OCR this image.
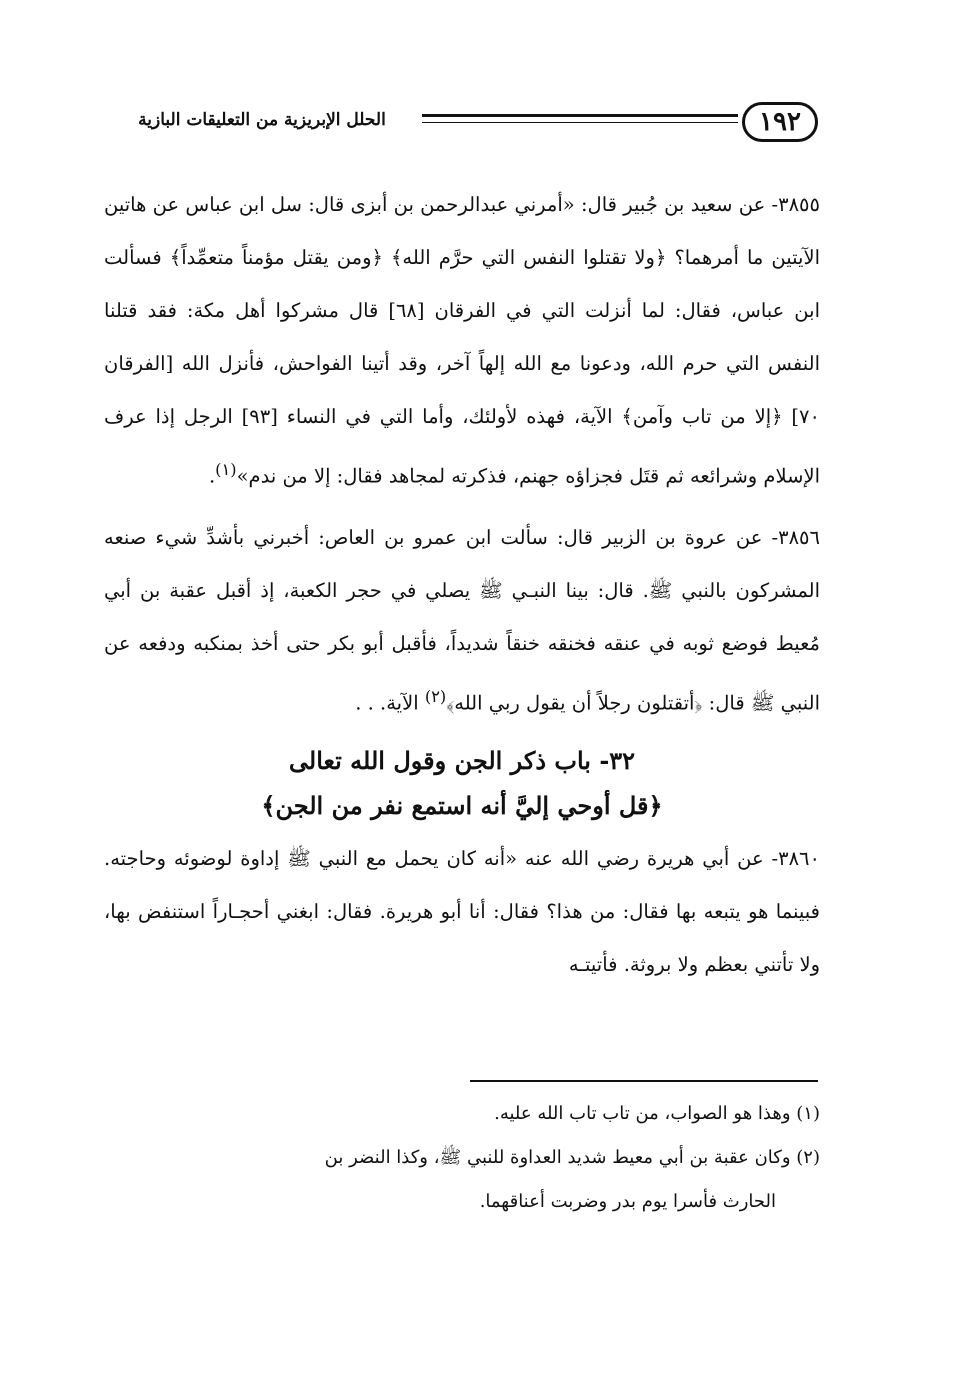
١٩٢
الحلل الإبريزية من التعليقات البازية

٣٨٥٥- عن سعيد بن جُبير قال: «أمرني عبدالرحمن بن أبزى قال: سل ابن عباس عن هاتين الآيتين ما أمرهما؟ ﴿ولا تقتلوا النفس التي حرَّم الله﴾ ﴿ومن يقتل مؤمناً متعمِّداً﴾ فسألت ابن عباس، فقال: لما أنزلت التي في الفرقان [٦٨] قال مشركوا أهل مكة: فقد قتلنا النفس التي حرم الله، ودعونا مع الله إلهاً آخر، وقد أتينا الفواحش، فأنزل الله [الفرقان ٧٠] ﴿إلا من تاب وآمن﴾ الآية، فهذه لأولئك، وأما التي في النساء [٩٣] الرجل إذا عرف الإسلام وشرائعه ثم قتَل فجزاؤه جهنم، فذكرته لمجاهد فقال: إلا من ندم»$^{(١)}$.

٣٨٥٦- عن عروة بن الزبير قال: سألت ابن عمرو بن العاص: أخبرني بأشدِّ شيء صنعه المشركون بالنبي ﷺ. قال: بينا النبـي ﷺ يصلي في حجر الكعبة، إذ أقبل عقبة بن أبي مُعيط فوضع ثوبه في عنقه فخنقه خنقاً شديداً، فأقبل أبو بكر حتى أخذ بمنكبه ودفعه عن النبي ﷺ قال: ﴿أتقتلون رجلاً أن يقول ربي الله﴾$^{(٢)}$ الآية. . .

٣٢- باب ذكر الجن وقول الله تعالى
﴿قل أوحي إليَّ أنه استمع نفر من الجن﴾

٣٨٦٠- عن أبي هريرة رضي الله عنه «أنه كان يحمل مع النبي ﷺ إداوة لوضوئه وحاجته. فبينما هو يتبعه بها فقال: من هذا؟ فقال: أنا أبو هريرة. فقال: ابغني أحجـاراً استنفض بها، ولا تأتني بعظم ولا بروثة. فأتيتـه

(١) وهذا هو الصواب، من تاب تاب الله عليه.

(٢) وكان عقبة بن أبي معيط شديد العداوة للنبي ﷺ، وكذا النضر بن

الحارث فأسرا يوم بدر وضربت أعناقهما.
